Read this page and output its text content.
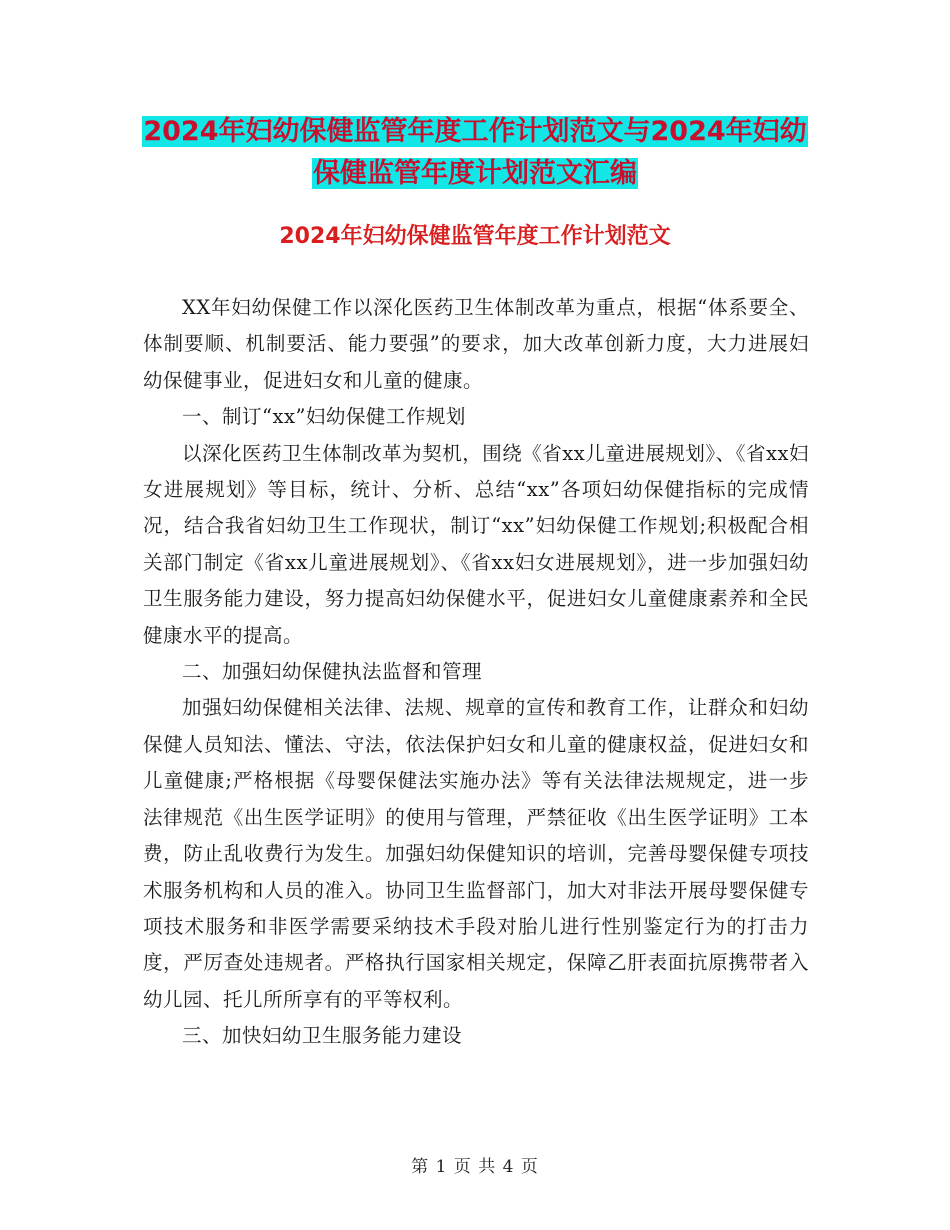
2024年妇幼保健监管年度工作计划范文与2024年妇幼
保健监管年度计划范文汇编
2024年妇幼保健监管年度工作计划范文

XX年妇幼保健工作以深化医药卫生体制改革为重点，根据“体系要全、体制要顺、机制要活、能力要强”的要求，加大改革创新力度，大力进展妇幼保健事业，促进妇女和儿童的健康。

一、制订“xx”妇幼保健工作规划

以深化医药卫生体制改革为契机，围绕《省xx儿童进展规划》、《省xx妇女进展规划》等目标，统计、分析、总结“xx”各项妇幼保健指标的完成情况，结合我省妇幼卫生工作现状，制订“xx”妇幼保健工作规划;积极配合相关部门制定《省xx儿童进展规划》、《省xx妇女进展规划》，进一步加强妇幼卫生服务能力建设，努力提高妇幼保健水平，促进妇女儿童健康素养和全民健康水平的提高。

二、加强妇幼保健执法监督和管理

加强妇幼保健相关法律、法规、规章的宣传和教育工作，让群众和妇幼保健人员知法、懂法、守法，依法保护妇女和儿童的健康权益，促进妇女和儿童健康;严格根据《母婴保健法实施办法》等有关法律法规规定，进一步法律规范《出生医学证明》的使用与管理，严禁征收《出生医学证明》工本费，防止乱收费行为发生。加强妇幼保健知识的培训，完善母婴保健专项技术服务机构和人员的准入。协同卫生监督部门，加大对非法开展母婴保健专项技术服务和非医学需要采纳技术手段对胎儿进行性别鉴定行为的打击力度，严厉查处违规者。严格执行国家相关规定，保障乙肝表面抗原携带者入幼儿园、托儿所所享有的平等权利。

三、加快妇幼卫生服务能力建设

第 1 页 共 4 页
